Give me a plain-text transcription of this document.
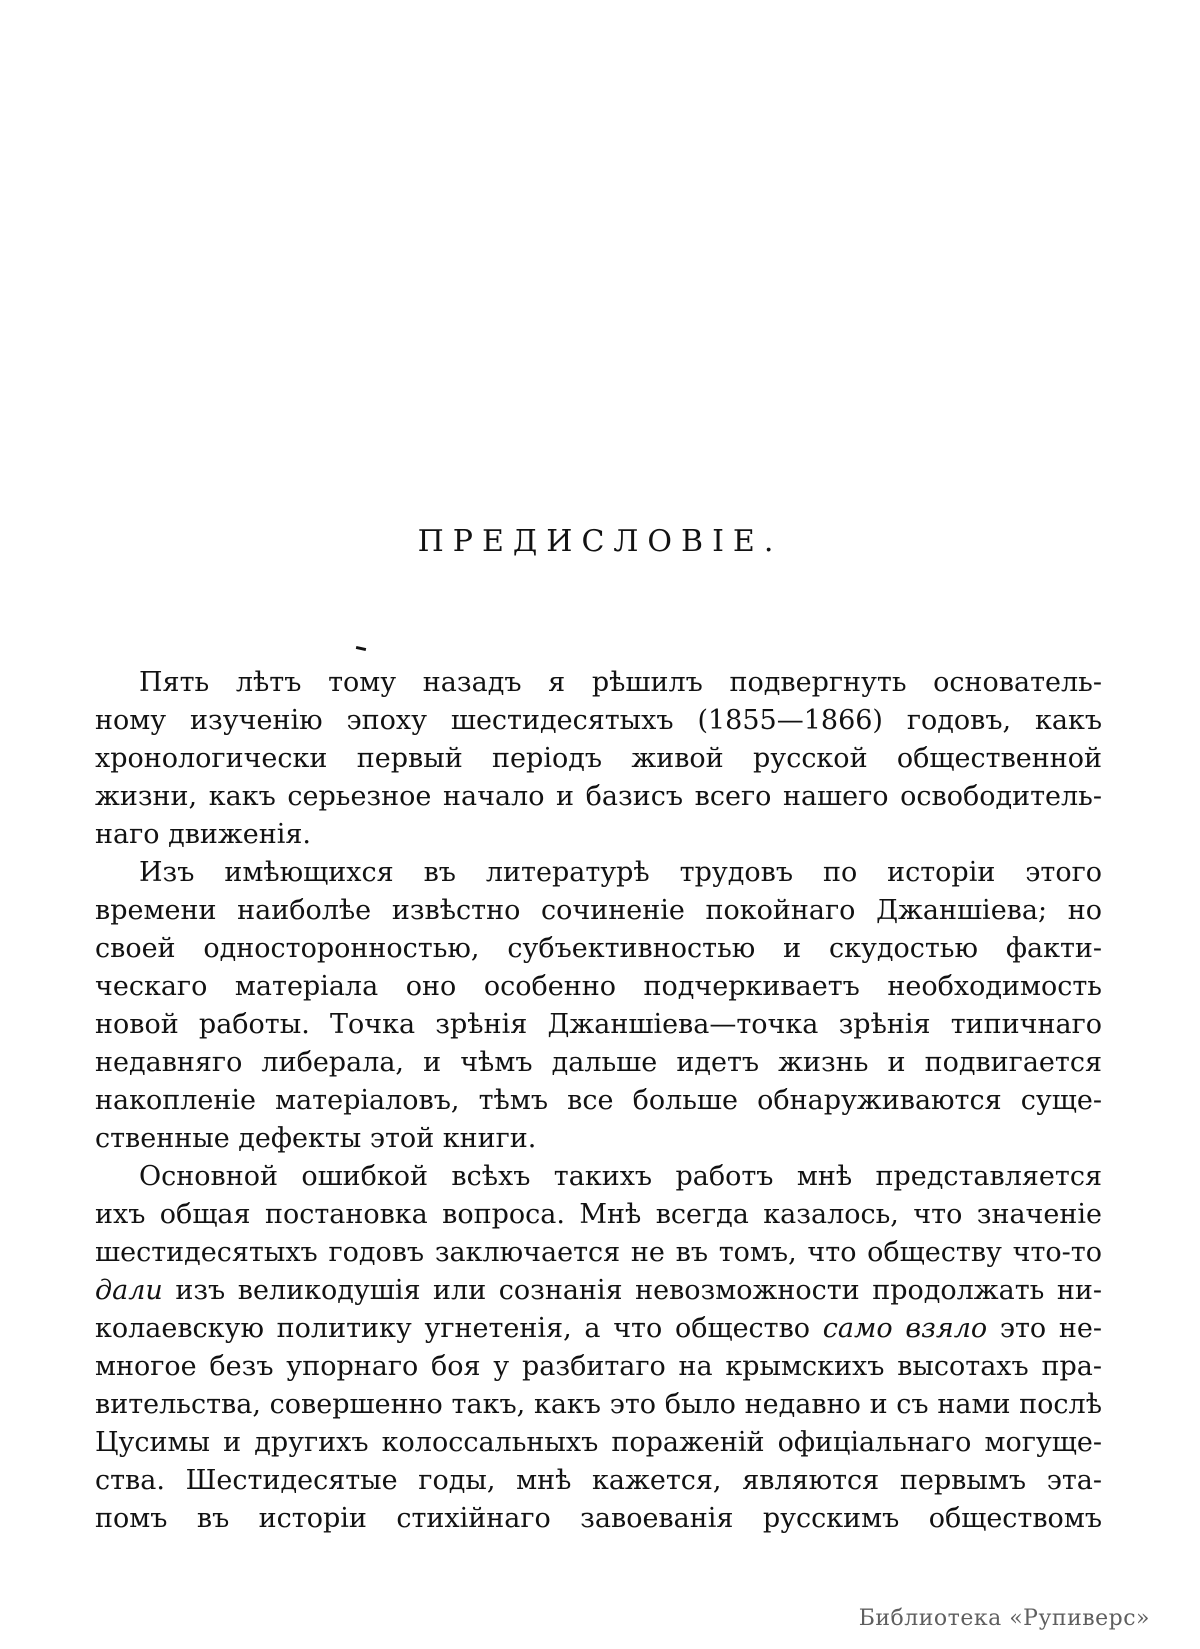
ПРЕДИСЛОВІЕ.
Пять лѣтъ тому назадъ я рѣшилъ подвергнуть основатель-
ному изученію эпоху шестидесятыхъ (1855—1866) годовъ, какъ
хронологически первый періодъ живой русской общественной
жизни, какъ серьезное начало и базисъ всего нашего освободитель-
наго движенія.
Изъ имѣющихся въ литературѣ трудовъ по исторіи этого
времени наиболѣе извѣстно сочиненіе покойнаго Джаншіева; но
своей односторонностью, субъективностью и скудостью факти-
ческаго матеріала оно особенно подчеркиваетъ необходимость
новой работы. Точка зрѣнія Джаншіева—точка зрѣнія типичнаго
недавняго либерала, и чѣмъ дальше идетъ жизнь и подвигается
накопленіе матеріаловъ, тѣмъ все больше обнаруживаются суще-
ственные дефекты этой книги.
Основной ошибкой всѣхъ такихъ работъ мнѣ представляется
ихъ общая постановка вопроса. Мнѣ всегда казалось, что значеніе
шестидесятыхъ годовъ заключается не въ томъ, что обществу что-то
дали изъ великодушія или сознанія невозможности продолжать ни-
колаевскую политику угнетенія, а что общество само взяло это не-
многое безъ упорнаго боя у разбитаго на крымскихъ высотахъ пра-
вительства, совершенно такъ, какъ это было недавно и съ нами послѣ
Цусимы и другихъ колоссальныхъ пораженій офиціальнаго могуще-
ства. Шестидесятые годы, мнѣ кажется, являются первымъ эта-
помъ въ исторіи стихійнаго завоеванія русскимъ обществомъ
Библиотека «Рупиверс»
